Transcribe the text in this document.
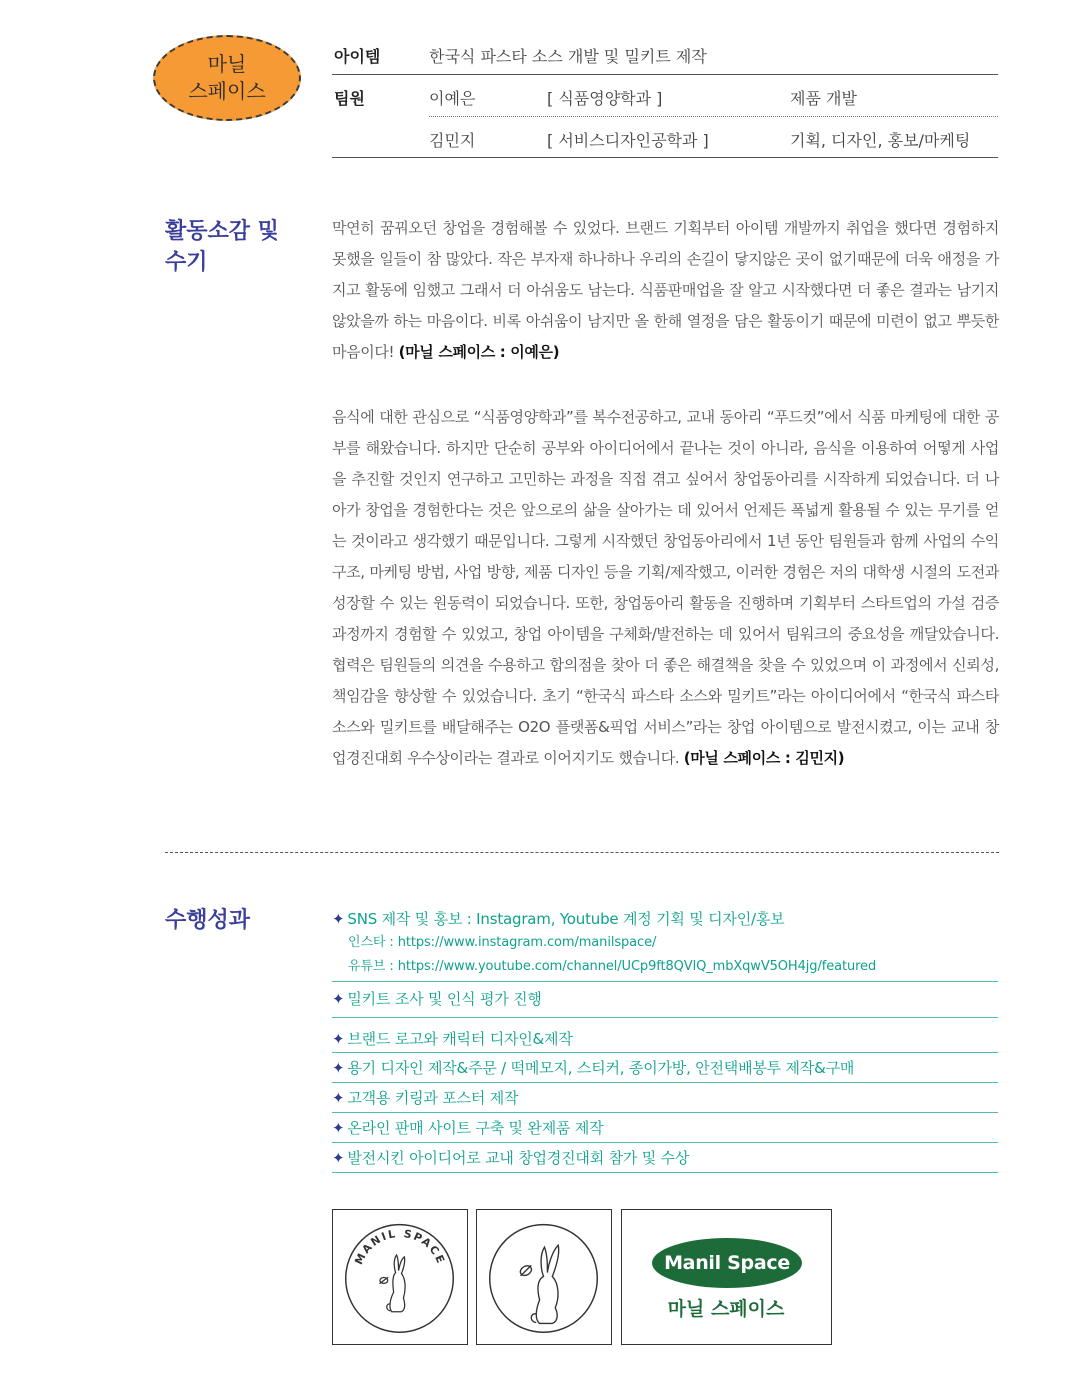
마닐
스페이스
아이템	한국식 파스타 소스 개발 및 밀키트 제작
팀원	이예은	[ 식품영양학과 ]	제품 개발
김민지	[ 서비스디자인공학과 ]	기획, 디자인, 홍보/마케팅
활동소감 및
수기

막연히 꿈꿔오던 창업을 경험해볼 수 있었다. 브랜드 기획부터 아이템 개발까지 취업을 했다면 경험하지 못했을 일들이 참 많았다. 작은 부자재 하나하나 우리의 손길이 닿지않은 곳이 없기때문에 더욱 애정을 가지고 활동에 임했고 그래서 더 아쉬움도 남는다. 식품판매업을 잘 알고 시작했다면 더 좋은 결과는 남기지 않았을까 하는 마음이다. 비록 아쉬움이 남지만 올 한해 열정을 담은 활동이기 때문에 미련이 없고 뿌듯한 마음이다! (마닐 스페이스 : 이예은)

음식에 대한 관심으로 “식품영양학과”를 복수전공하고, 교내 동아리 “푸드컷”에서 식품 마케팅에 대한 공부를 해왔습니다. 하지만 단순히 공부와 아이디어에서 끝나는 것이 아니라, 음식을 이용하여 어떻게 사업을 추진할 것인지 연구하고 고민하는 과정을 직접 겪고 싶어서 창업동아리를 시작하게 되었습니다. 더 나아가 창업을 경험한다는 것은 앞으로의 삶을 살아가는 데 있어서 언제든 폭넓게 활용될 수 있는 무기를 얻는 것이라고 생각했기 때문입니다. 그렇게 시작했던 창업동아리에서 1년 동안 팀원들과 함께 사업의 수익구조, 마케팅 방법, 사업 방향, 제품 디자인 등을 기획/제작했고, 이러한 경험은 저의 대학생 시절의 도전과 성장할 수 있는 원동력이 되었습니다. 또한, 창업동아리 활동을 진행하며 기획부터 스타트업의 가설 검증과정까지 경험할 수 있었고, 창업 아이템을 구체화/발전하는 데 있어서 팀워크의 중요성을 깨달았습니다. 협력은 팀원들의 의견을 수용하고 합의점을 찾아 더 좋은 해결책을 찾을 수 있었으며 이 과정에서 신뢰성, 책임감을 향상할 수 있었습니다. 초기 “한국식 파스타 소스와 밀키트”라는 아이디어에서 “한국식 파스타 소스와 밀키트를 배달해주는 O2O 플랫폼&픽업 서비스”라는 창업 아이템으로 발전시켰고, 이는 교내 창업경진대회 우수상이라는 결과로 이어지기도 했습니다. (마닐 스페이스 : 김민지)

수행성과	✦ SNS 제작 및 홍보 : Instagram, Youtube 계정 기획 및 디자인/홍보
인스타 : https://www.instagram.com/manilspace/
유튜브 : https://www.youtube.com/channel/UCp9ft8QVlQ_mbXqwV5OH4jg/featured
✦ 밀키트 조사 및 인식 평가 진행
✦ 브랜드 로고와 캐릭터 디자인&제작
✦ 용기 디자인 제작&주문 / 떡메모지, 스티커, 종이가방, 안전택배봉투 제작&구매
✦ 고객용 키링과 포스터 제작
✦ 온라인 판매 사이트 구축 및 완제품 제작
✦ 발전시킨 아이디어로 교내 창업경진대회 참가 및 수상
MANIL SPACE	Manil Space
마닐 스페이스
